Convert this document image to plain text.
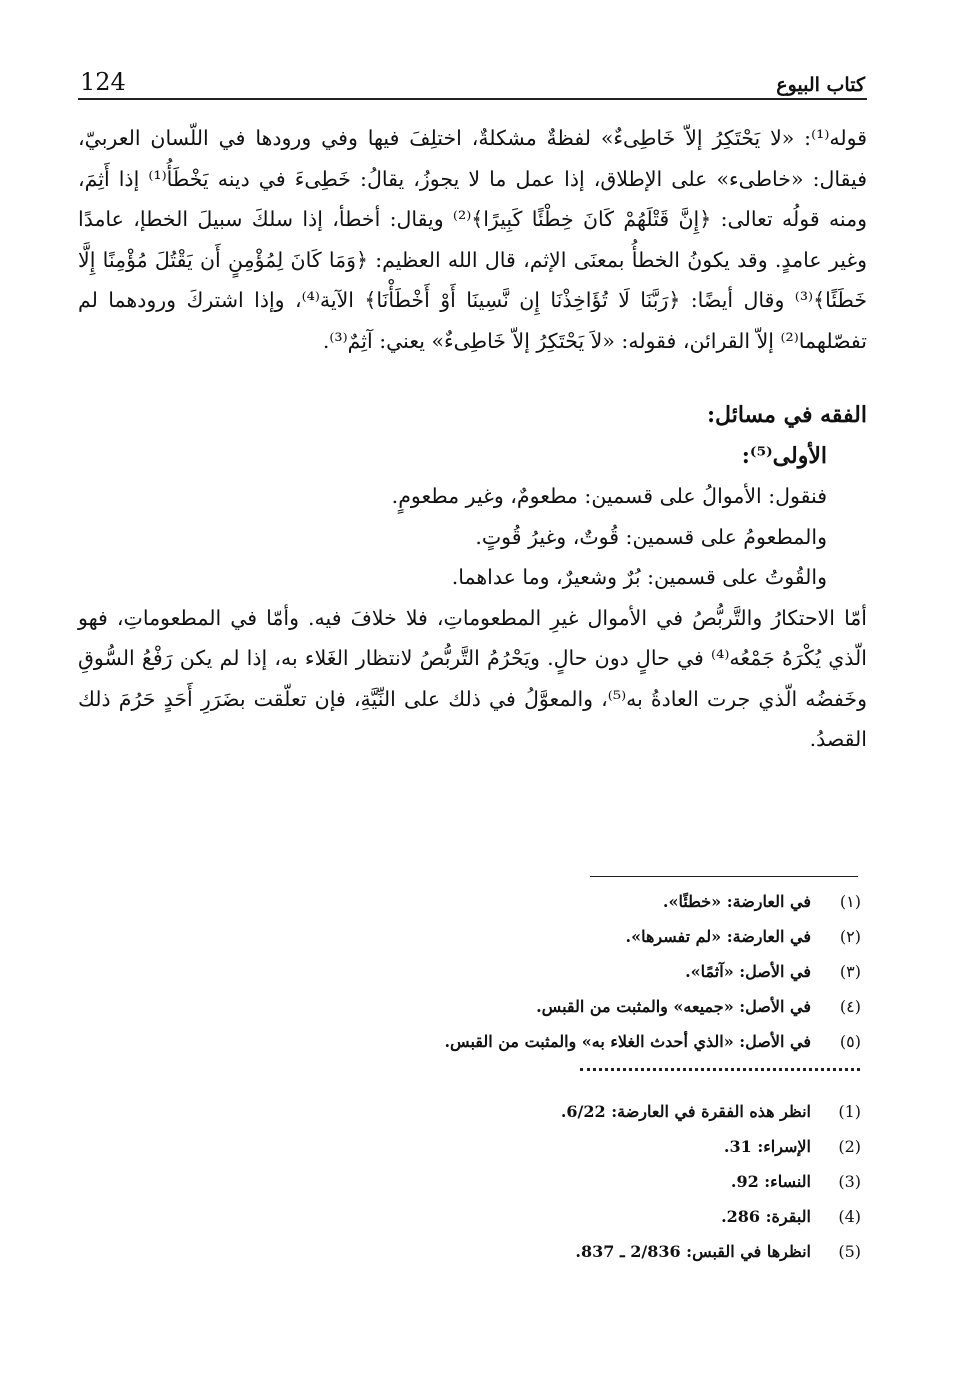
124	كتاب البيوع

قوله⁽¹⁾: «لا يَحْتَكِرُ إلاّ خَاطِىءٌ» لفظةٌ مشكلةٌ، اختلِفَ فيها وفي ورودها في اللّسان العربيّ، فيقال: «خاطىء» على الإطلاق، إذا عمل ما لا يجوزُ، يقالُ: خَطِىءَ في دينه يَخْطَأُ⁽¹⁾ إذا أَثِمَ، ومنه قولُه تعالى: ﴿إِنَّ قَتْلَهُمْ كَانَ خِطْئًا كَبِيرًا﴾⁽²⁾ ويقال: أخطأ، إذا سلكَ سبيلَ الخطإ، عامدًا وغير عامدٍ. وقد يكونُ الخطأُ بمعنَى الإثم، قال الله العظيم: ﴿وَمَا كَانَ لِمُؤْمِنٍ أَن يَقْتُلَ مُؤْمِنًا إِلَّا خَطَئًا﴾⁽³⁾ وقال أيضًا: ﴿رَبَّنَا لَا تُؤَاخِذْنَا إِن نَّسِينَا أَوْ أَخْطَأْنَا﴾ الآية⁽⁴⁾، وإذا اشتركَ ورودهما لم تفصّلهما⁽²⁾ إلاّ القرائن، فقوله: «لاَ يَحْتَكِرُ إلاّ خَاطِىءٌ» يعني: آثِمٌ⁽³⁾.

الفقه في مسائل:

الأولى⁽⁵⁾:

فنقول: الأموالُ على قسمين: مطعومٌ، وغير مطعومٍ.

والمطعومُ على قسمين: قُوتٌ، وغيرُ قُوتٍ.

والقُوتُ على قسمين: بُرٌ وشعيرٌ، وما عداهما.

أمّا الاحتكارُ والتَّربُّصُ في الأموال غيرِ المطعوماتِ، فلا خلافَ فيه. وأمّا في المطعوماتِ، فهو الّذي يُكْرَهُ جَمْعُه⁽⁴⁾ في حالٍ دون حالٍ. ويَحْرُمُ التَّربُّصُ لانتظار الغَلاء به، إذا لم يكن رَفْعُ السُّوقِ وخَفضُه الّذي جرت العادةُ به⁽⁵⁾، والمعوَّلُ في ذلك على النِّيَّةِ، فإن تعلّقت بضَرَرِ أَحَدٍ حَرُمَ ذلك القصدُ.

(١)
في العارضة: «خطئًا».
(٢)
في العارضة: «لم تفسرها».
(٣)
في الأصل: «آثمًا».
(٤)
في الأصل: «جميعه» والمثبت من القبس.
(٥)
في الأصل: «الذي أحدث الغلاء به» والمثبت من القبس.
(1)
انظر هذه الفقرة في العارضة: 6/22.
(2)
الإسراء: 31.
(3)
النساء: 92.
(4)
البقرة: 286.
(5)
انظرها في القبس: 2/836 ـ 837.
